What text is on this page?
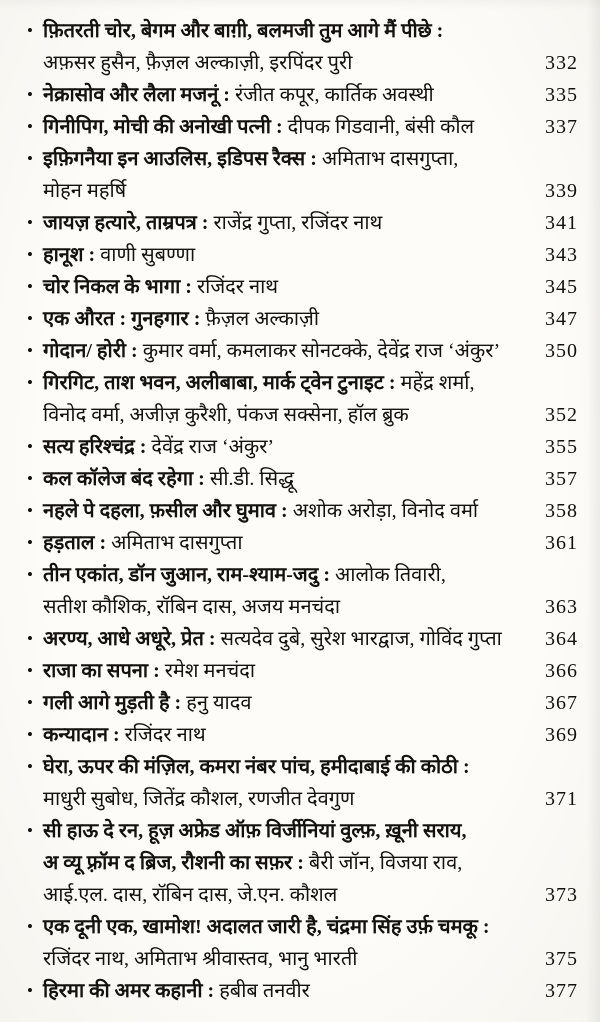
• फ़ितरती चोर, बेगम और बाग़ी, बलमजी तुम आगे मैं पीछे :
अफ़सर हुसैन, फ़ैज़ल अल्काज़ी, इरपिंदर पुरी	332
• नेक्रासोव और लैला मजनूं : रंजीत कपूर, कार्तिक अवस्थी	335
• गिनीपिग, मोची की अनोखी पत्नी : दीपक गिडवानी, बंसी कौल	337
• इफ़िगनैया इन आउलिस, इडिपस रैक्स : अमिताभ दासगुप्ता,
मोहन महर्षि	339
• जायज़ हत्यारे, ताम्रपत्र : राजेंद्र गुप्ता, रजिंदर नाथ	341
• हानूश : वाणी सुबण्णा	343
• चोर निकल के भागा : रजिंदर नाथ	345
• एक औरत : गुनहगार : फ़ैज़ल अल्काज़ी	347
• गोदान/ होरी : कुमार वर्मा, कमलाकर सोनटक्के, देवेंद्र राज ‘अंकुर’ 350
• गिरगिट, ताश भवन, अलीबाबा, मार्क ट्वेन टुनाइट : महेंद्र शर्मा,
विनोद वर्मा, अजीज़ कुरैशी, पंकज सक्सेना, हॉल ब्रुक	352
• सत्य हरिश्चंद्र : देवेंद्र राज ‘अंकुर’	355
• कल कॉलेज बंद रहेगा : सी.डी. सिद्धू	357
• नहले पे दहला, फ़सील और घुमाव : अशोक अरोड़ा, विनोद वर्मा	358
• हड़ताल : अमिताभ दासगुप्ता	361
• तीन एकांत, डॉन जुआन, राम-श्याम-जदु : आलोक तिवारी,
सतीश कौशिक, रॉबिन दास, अजय मनचंदा	363
• अरण्य, आधे अधूरे, प्रेत : सत्यदेव दुबे, सुरेश भारद्वाज, गोविंद गुप्ता 364
• राजा का सपना : रमेश मनचंदा	366
• गली आगे मुड़ती है : हनु यादव	367
• कन्यादान : रजिंदर नाथ	369
• घेरा, ऊपर की मंज़िल, कमरा नंबर पांच, हमीदाबाई की कोठी :
माधुरी सुबोध, जितेंद्र कौशल, रणजीत देवगुण	371
• सी हाऊ दे रन, हूज़ अफ्रेड ऑफ़ विर्जीनियां वुल्फ़, ख़ूनी सराय,
अ व्यू फ़्रॉम द ब्रिज, रौशनी का सफ़र : बैरी जॉन, विजया राव,
आई.एल. दास, रॉबिन दास, जे.एन. कौशल	373
• एक दूनी एक, खामोश! अदालत जारी है, चंद्रमा सिंह उर्फ़ चमकू :
रजिंदर नाथ, अमिताभ श्रीवास्तव, भानु भारती	375
• हिरमा की अमर कहानी : हबीब तनवीर	377
